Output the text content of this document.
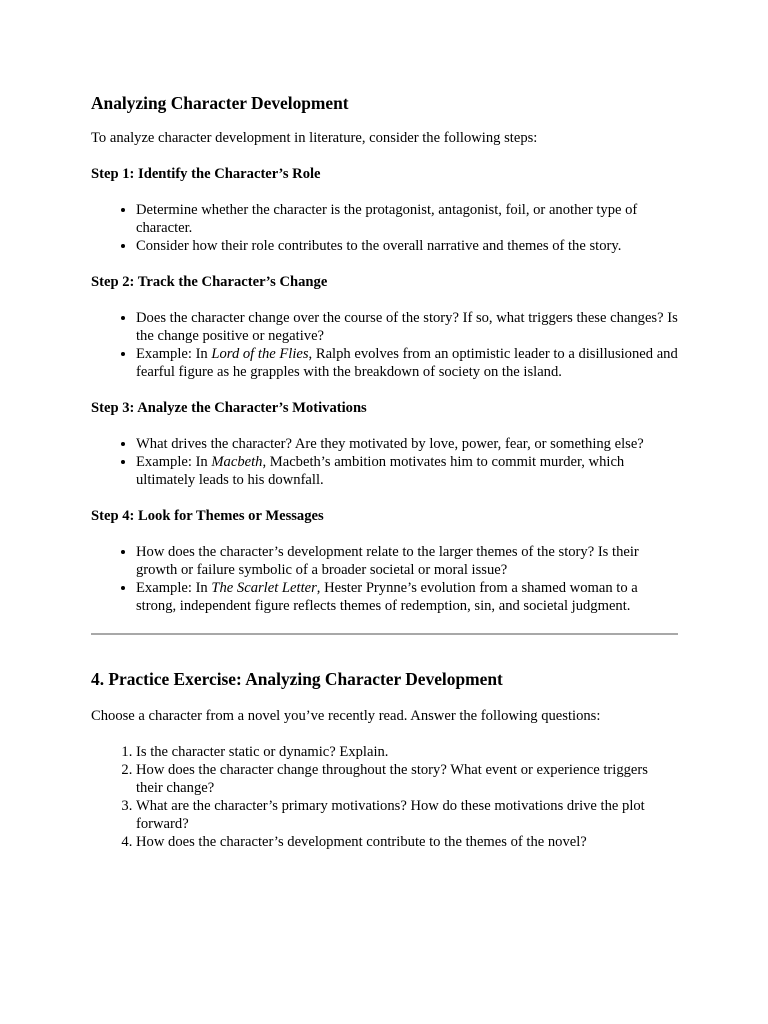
Analyzing Character Development

To analyze character development in literature, consider the following steps:

Step 1: Identify the Character’s Role

• Determine whether the character is the protagonist, antagonist, foil, or another type of character.
• Consider how their role contributes to the overall narrative and themes of the story.

Step 2: Track the Character’s Change

• Does the character change over the course of the story? If so, what triggers these changes? Is the change positive or negative?
• Example: In Lord of the Flies, Ralph evolves from an optimistic leader to a disillusioned and fearful figure as he grapples with the breakdown of society on the island.

Step 3: Analyze the Character’s Motivations

• What drives the character? Are they motivated by love, power, fear, or something else?
• Example: In Macbeth, Macbeth’s ambition motivates him to commit murder, which ultimately leads to his downfall.

Step 4: Look for Themes or Messages

• How does the character’s development relate to the larger themes of the story? Is their growth or failure symbolic of a broader societal or moral issue?
• Example: In The Scarlet Letter, Hester Prynne’s evolution from a shamed woman to a strong, independent figure reflects themes of redemption, sin, and societal judgment.
4. Practice Exercise: Analyzing Character Development

Choose a character from a novel you’ve recently read. Answer the following questions:

1. Is the character static or dynamic? Explain.
2. How does the character change throughout the story? What event or experience triggers their change?
3. What are the character’s primary motivations? How do these motivations drive the plot forward?
4. How does the character’s development contribute to the themes of the novel?
